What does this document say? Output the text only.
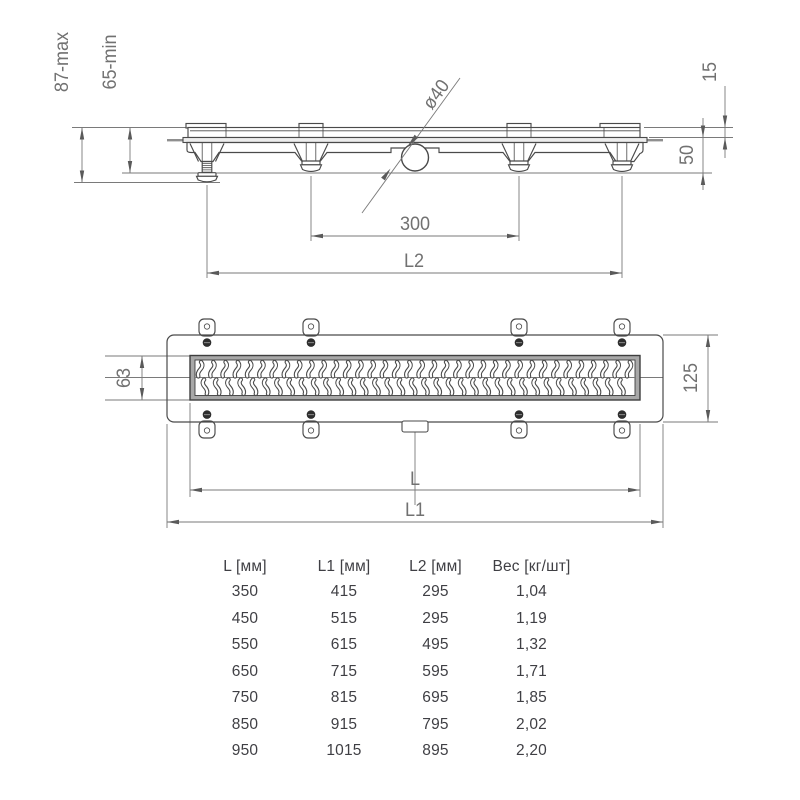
87-max 65-min	15
50
ø40
300
L2
63	125
L
L1
L [мм]	L1 [мм]	L2 [мм]	Вес [кг/шт]
350	415	295	1,04
450	515	295	1,19
550	615	495	1,32
650	715	595	1,71
750	815	695	1,85
850	915	795	2,02
950	1015	895	2,20
